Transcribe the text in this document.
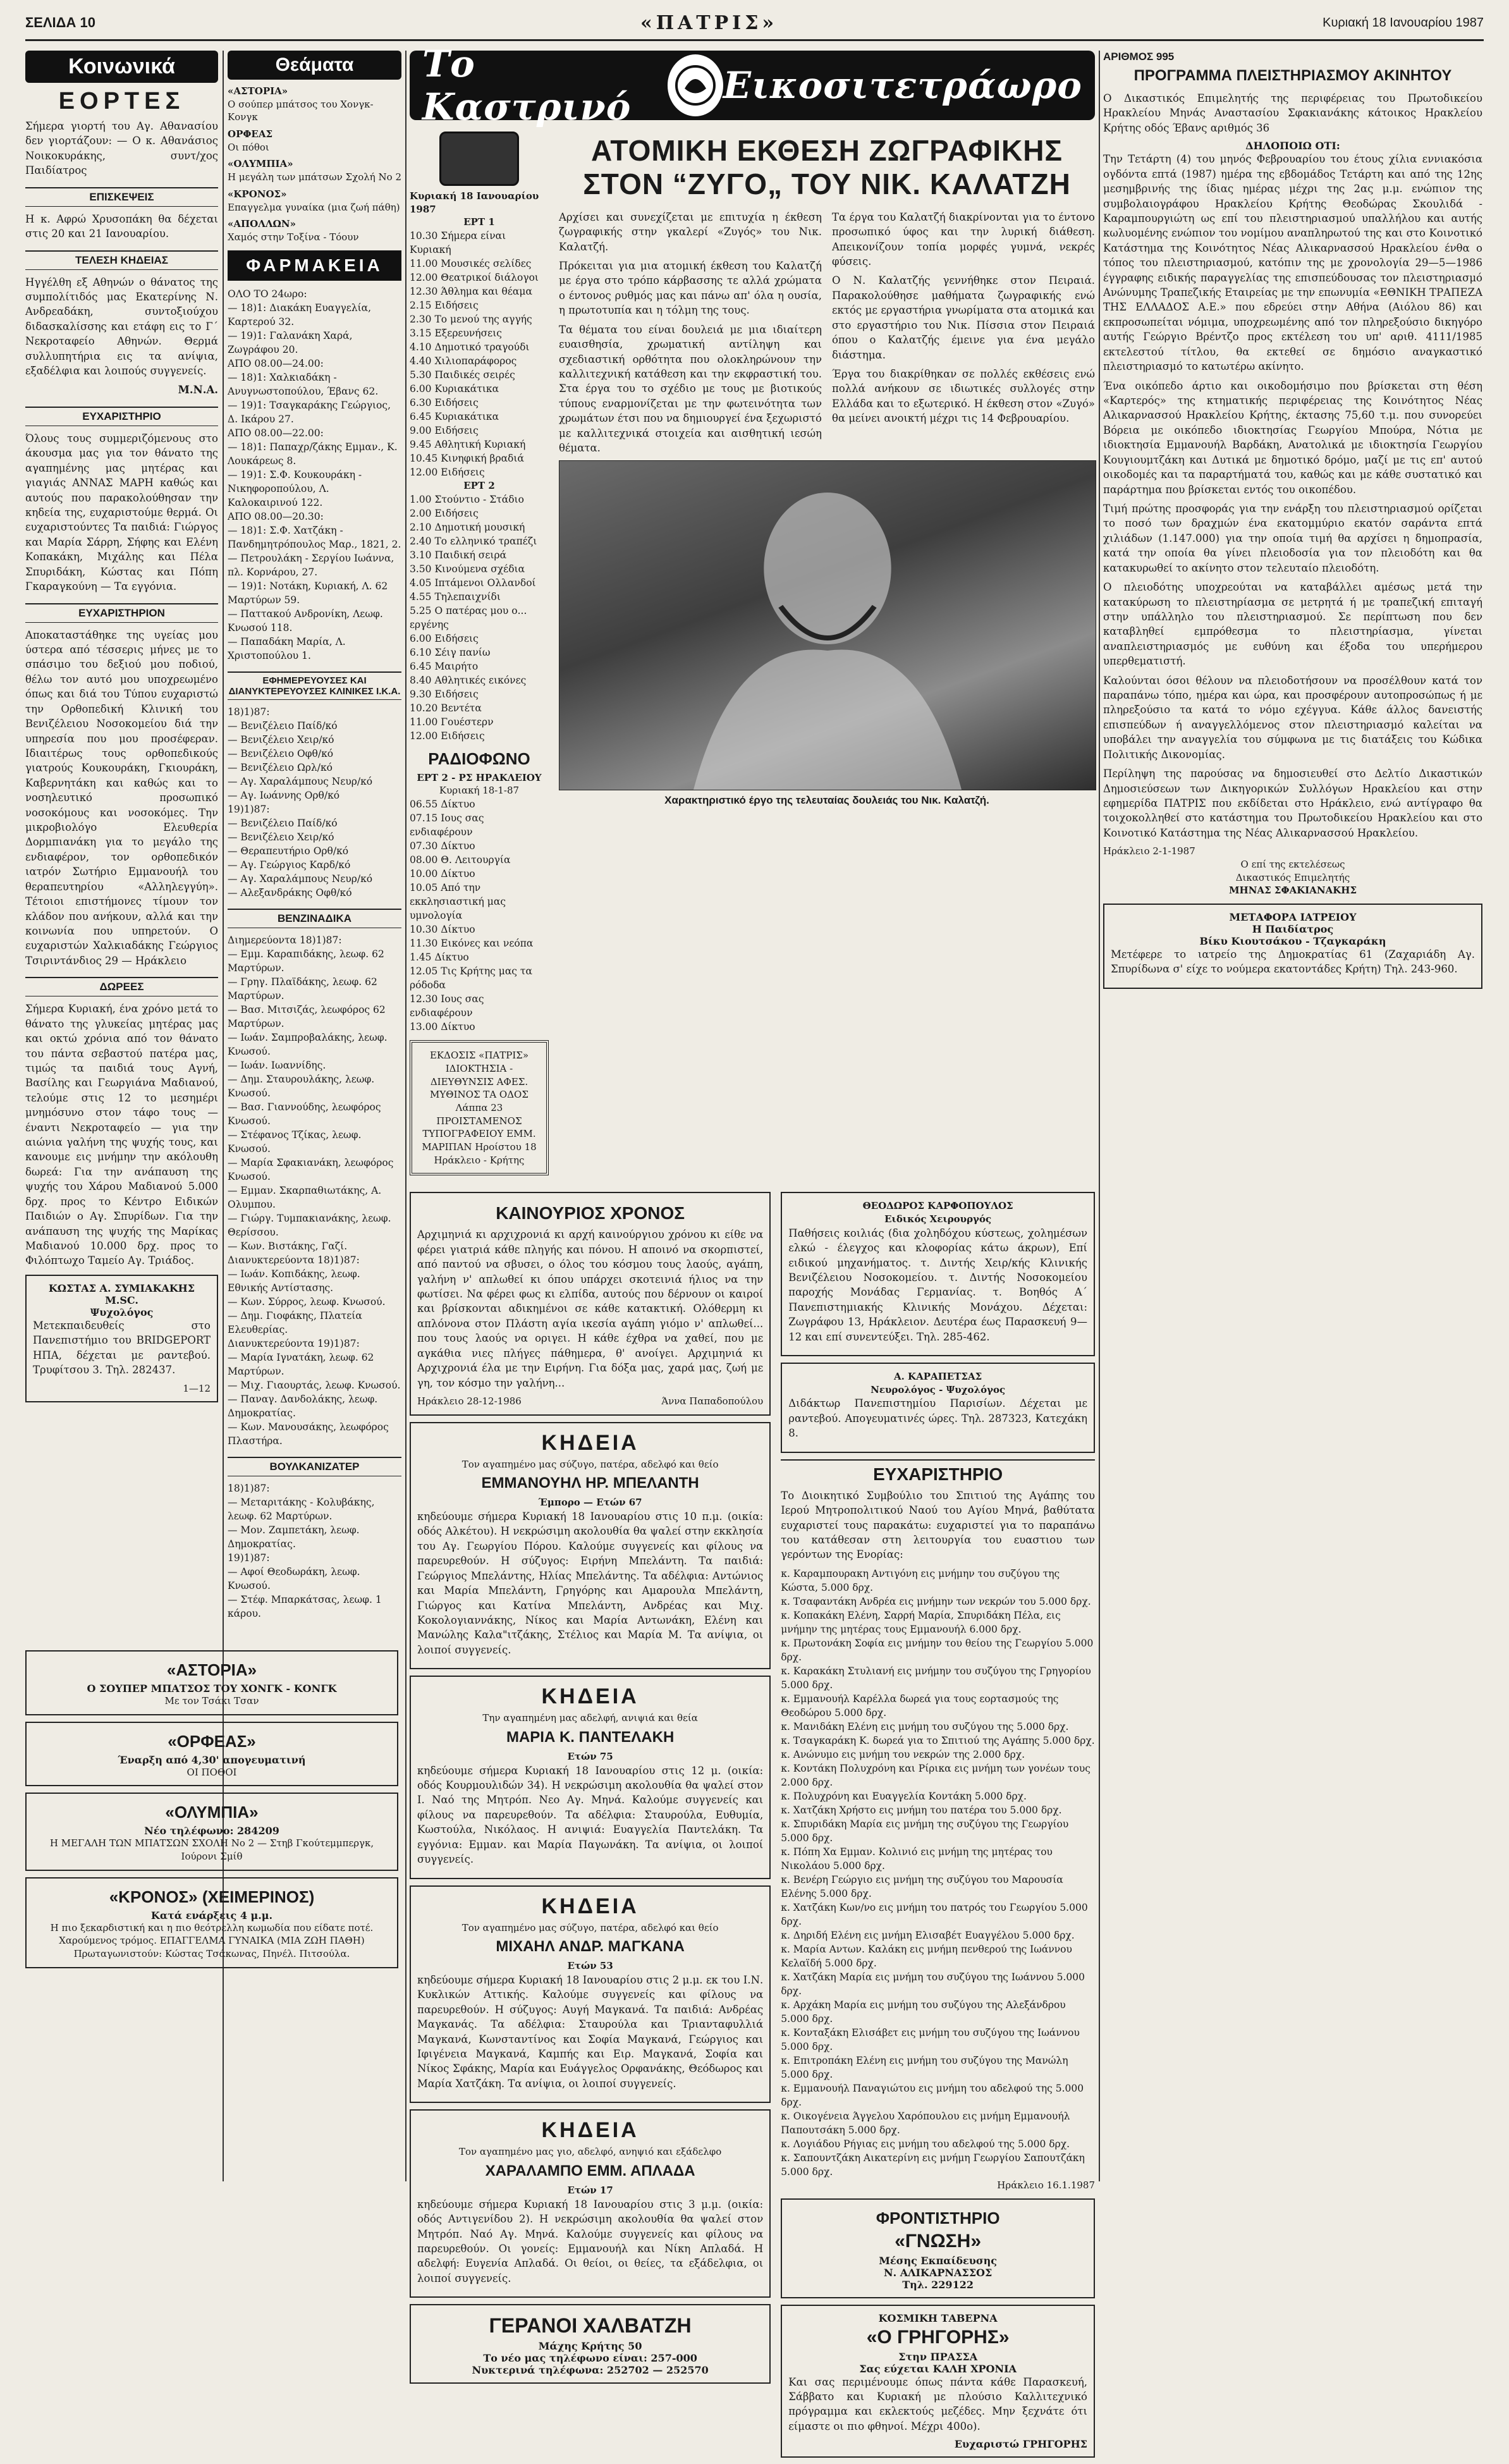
ΣΕΛΙΔΑ 10	«ΠΑΤΡΙΣ»	Κυριακή 18 Ιανουαρίου 1987
Κοινωνικά
ΕΟΡΤΕΣ

Σήμερα γιορτή του Αγ. Αθανασίου δεν γιορτάζουν: — Ο κ. Αθανάσιος Νοικοκυράκης, συντ/χος Παιδίατρος

ΕΠΙΣΚΕΨΕΙΣ

Η κ. Αφρώ Χρυσοπάκη θα δέχεται στις 20 και 21 Ιανουαρίου.

ΤΕΛΕΣΗ ΚΗΔΕΙΑΣ

Ηγγέλθη εξ Αθηνών ο θάνατος της συμπολίτιδός μας Εκατερίνης Ν. Ανδρεαδάκη, συντοξιούχου διδασκαλίσσης και ετάφη εις το Γ΄ Νεκροταφείο Αθηνών. Θερμά συλλυπητήρια εις τα ανίψια, εξαδέλφια και λοιπούς συγγενείς.

Μ.Ν.Α.

ΕΥΧΑΡΙΣΤΗΡΙΟ

Όλους τους συμμεριζόμενους στο άκουσμα μας για τον θάνατο της αγαπημένης μας μητέρας και γιαγιάς ΑΝΝΑΣ ΜΑΡΗ καθώς και αυτούς που παρακολούθησαν την κηδεία της, ευχαριστούμε θερμά. Οι ευχαριστούντες Τα παιδιά: Γιώργος και Μαρία Σάρρη, Σήφης και Ελένη Κοπακάκη, Μιχάλης και Πέλα Σπυριδάκη, Κώστας και Πόπη Γκαραγκούνη — Τα εγγόνια.

ΕΥΧΑΡΙΣΤΗΡΙΟΝ

Αποκαταστάθηκε της υγείας μου ύστερα από τέσσερις μήνες με το σπάσιμο του δεξιού μου ποδιού, θέλω τον αυτό μου υποχρεωμένο όπως και διά του Τύπου ευχαριστώ την Ορθοπεδική Κλινική του Βενιζέλειου Νοσοκομείου διά την υπηρεσία που μου προσέφεραν. Ιδιαιτέρως τους ορθοπεδικούς γιατρούς Κουκουράκη, Γκιουράκη, Καβερνητάκη και καθώς και το νοσηλευτικό προσωπικό νοσοκόμους και νοσοκόμες. Την μικροβιολόγο Ελευθερία Δορμπιανάκη για το μεγάλο της ενδιαφέρον, τον ορθοπεδικόν ιατρόν Σωτήριο Εμμανουήλ του θεραπευτηρίου «Αλληλεγγύη». Τέτοιοι επιστήμονες τίμουν τον κλάδον που ανήκουν, αλλά και την κοινωνία που υπηρετούν. Ο ευχαριστών Χαλκιαδάκης Γεώργιος Τσιριντάνδιος 29 — Ηράκλειο

ΔΩΡΕΕΣ

Σήμερα Κυριακή, ένα χρόνο μετά το θάνατο της γλυκείας μητέρας μας και οκτώ χρόνια από τον θάνατο του πάντα σεβαστού πατέρα μας, τιμώς τα παιδιά τους Αγνή, Βασίλης και Γεωργιάνα Μαδιανού, τελούμε στις 12 το μεσημέρι μνημόσυνο στον τάφο τους — έναντι Νεκροταφείο — για την αιώνια γαλήνη της ψυχής τους, και κανουμε εις μνήμην την ακόλουθη δωρεά: Για την ανάπαυση της ψυχής του Χάρου Μαδιανού 5.000 δρχ. προς το Κέντρο Ειδικών Παιδιών ο Αγ. Σπυρίδων. Για την ανάπαυση της ψυχής της Μαρίκας Μαδιανού 10.000 δρχ. προς το Φιλόπτωχο Ταμείο Αγ. Τριάδος.

ΚΩΣΤΑΣ Α. ΣΥΜΙΑΚΑΚΗΣ M.SC.
Ψυχολόγος

Μετεκπαιδευθείς στο Πανεπιστήμιο του BRIDGEPORT ΗΠΑ, δέχεται με ραντεβού. Τρυφίτσου 3. Τηλ. 282437.

1—12
Θεάματα
«ΑΣΤΟΡΙΑ»
Ο σούπερ μπάτσος του Χονγκ-Κονγκ
ΟΡΦΕΑΣ
Οι πόθοι
«ΟΛΥΜΠΙΑ»
Η μεγάλη των μπάτσων Σχολή Νο 2
«ΚΡΟΝΟΣ»
Επαγγελμα γυναίκα (μια ζωή πάθη)
«ΑΠΟΛΛΩΝ»
Χαμός στην Τοξίνα - Τόουν
ΦΑΡΜΑΚΕΙΑ
ΟΛΟ ΤΟ 24ωρο:
— 18)1: Διακάκη Ευαγγελία, Καρτερού 32.
— 19)1: Γαλανάκη Χαρά, Ζωγράφου 20.
ΑΠΟ 08.00—24.00:
— 18)1: Χαλκιαδάκη - Ανυγνωστοπούλου, Έβανς 62.
— 19)1: Τσαγκαράκης Γεώργιος, Δ. Ικάρου 27.
ΑΠΟ 08.00—22.00:
— 18)1: Παπαχρ/ζάκης Εμμαν., Κ. Λουκάρεως 8.
— 19)1: Σ.Φ. Κουκουράκη - Νικηφοροπούλου, Λ. Καλοκαιρινού 122.
ΑΠΟ 08.00—20.30:
— 18)1: Σ.Φ. Χατζάκη - Πανδημητρόπουλος Μαρ., 1821, 2.
— Πετρουλάκη - Σεργίου Ιωάννα, πλ. Κορνάρου, 27.
— 19)1: Νοτάκη, Κυριακή, Λ. 62 Μαρτύρων 59.
— Παττακού Ανδρονίκη, Λεωφ. Κνωσού 118.
— Παπαδάκη Μαρία, Λ. Χριστοπούλου 1.
ΕΦΗΜΕΡΕΥΟΥΣΕΣ ΚΑΙ ΔΙΑΝΥΚΤΕΡΕΥΟΥΣΕΣ ΚΛΙΝΙΚΕΣ Ι.Κ.Α.
18)1)87:
— Βενιζέλειο Παίδ/κό
— Βενιζέλειο Χειρ/κό
— Βενιζέλειο Οφθ/κό
— Βενιζέλειο Ωρλ/κό
— Αγ. Χαραλάμπους Νευρ/κό
— Αγ. Ιωάννης Ορθ/κό
19)1)87:
— Βενιζέλειο Παίδ/κό
— Βενιζέλειο Χειρ/κό
— Θεραπευτήριο Ορθ/κό
— Αγ. Γεώργιος Καρδ/κό
— Αγ. Χαραλάμπους Νευρ/κό
— Αλεξανδράκης Οφθ/κό
ΒΕΝΖΙΝΑΔΙΚΑ
Διημερεύοντα 18)1)87:
— Εμμ. Καραπιδάκης, λεωφ. 62 Μαρτύρων.
— Γρηγ. Πλαϊδάκης, λεωφ. 62 Μαρτύρων.
— Βασ. Μιτσιζάς, λεωφόρος 62 Μαρτύρων.
— Ιωάν. Σαμπροβαλάκης, λεωφ. Κνωσού.
— Ιωάν. Ιωαννίδης.
— Δημ. Σταυρουλάκης, λεωφ. Κνωσού.
— Βασ. Γιαννούδης, λεωφόρος Κνωσού.
— Στέφανος Τζίκας, λεωφ. Κνωσού.
— Μαρία Σφακιανάκη, λεωφόρος Κνωσού.
— Εμμαν. Σκαρπαθιωτάκης, Α. Ολυμπου.
— Γιώργ. Τυμπακιανάκης, λεωφ. Θερίσσου.
— Κων. Βιστάκης, Γαζί.
Διανυκτερεύοντα 18)1)87:
— Ιωάν. Κοπιδάκης, λεωφ. Εθνικής Αντίστασης.
— Κων. Σύρρος, λεωφ. Κνωσού.
— Δημ. Γιοφάκης, Πλατεία Ελευθερίας.
Διανυκτερεύοντα 19)1)87:
— Μαρία Ιγνατάκη, λεωφ. 62 Μαρτύρων.
— Μιχ. Γιαουρτάς, λεωφ. Κνωσού.
— Παναγ. Δανδολάκης, λεωφ. Δημοκρατίας.
— Κων. Μανουσάκης, λεωφόρος Πλαστήρα.
ΒΟΥΛΚΑΝΙΖΑΤΕΡ
18)1)87:
— Μεταριτάκης - Κολυβάκης, λεωφ. 62 Μαρτύρων.
— Μον. Ζαμπετάκη, λεωφ. Δημοκρατίας.
19)1)87:
— Αφοί Θεοδωράκη, λεωφ. Κνωσού.
— Στέφ. Μπαρκάτσας, λεωφ. 1 κάρου.
Το Καστρινό	Εικοσιτετράωρο
Κυριακή 18 Ιανουαρίου 1987
ΕΡΤ 1
10.30 Σήμερα είναι Κυριακή
11.00 Μουσικές σελίδες
12.00 Θεατρικοί διάλογοι
12.30 Άθλημα και θέαμα
2.15 Ειδήσεις
2.30 Το μενού της αγγής
3.15 Εξερευνήσεις
4.10 Δημοτικό τραγούδι
4.40 Χιλιοπαράφορος
5.30 Παιδικές σειρές
6.00 Κυριακάτικα
6.30 Ειδήσεις
6.45 Κυριακάτικα
9.00 Ειδήσεις
9.45 Αθλητική Κυριακή
10.45 Κινηφική βραδιά
12.00 Ειδήσεις
ΕΡΤ 2
1.00 Στούντιο - Στάδιο
2.00 Ειδήσεις
2.10 Δημοτική μουσική
2.40 Το ελληνικό τραπέζι
3.10 Παιδική σειρά
3.50 Κινούμενα σχέδια
4.05 Ιπτάμενοι Ολλανδοί
4.55 Τηλεπαιχνίδι
5.25 Ο πατέρας μου ο... εργένης
6.00 Ειδήσεις
6.10 Σέιγ πανίω
6.45 Μαιρήτο
8.40 Αθλητικές εικόνες
9.30 Ειδήσεις
10.20 Βεντέτα
11.00 Γουέστερν
12.00 Ειδήσεις
ΡΑΔΙΟΦΩΝΟ
ΕΡΤ 2 - ΡΣ ΗΡΑΚΛΕΙΟΥ
Κυριακή 18-1-87
06.55 Δίκτυο
07.15 Ιους σας ενδιαφέρουν
07.30 Δίκτυο
08.00 Θ. Λειτουργία
10.00 Δίκτυο
10.05 Από την εκκλησιαστική μας υμνολογία
10.30 Δίκτυο
11.30 Εικόνες και νεόπα
1.45 Δίκτυο
12.05 Τις Κρήτης μας τα ρόδοδα
12.30 Ιους σας ενδιαφέρουν
13.00 Δίκτυο
ΕΚΔΟΣΙΣ «ΠΑΤΡΙΣ» ΙΔΙΟΚΤΗΣΙΑ - ΔΙΕΥΘΥΝΣΙΣ ΑΦΕΣ. ΜΥΘΙΝΟΣ ΤΑ ΟΔΟΣ Λάππα 23 ΠΡΟΙΣΤΑΜΕΝΟΣ ΤΥΠΟΓΡΑΦΕΙΟΥ ΕΜΜ. ΜΑΡΙΠΑΝ Ηροίστου 18 Ηράκλειο - Κρήτης
ΑΤΟΜΙΚΗ ΕΚΘΕΣΗ ΖΩΓΡΑΦΙΚΗΣ
ΣΤΟΝ “ΖΥΓΟ„ ΤΟΥ ΝΙΚ. ΚΑΛΑΤΖΗ

Αρχίσει και συνεχίζεται με επιτυχία η έκθεση ζωγραφικής στην γκαλερί «Ζυγός» του Νικ. Καλατζή.

Πρόκειται για μια ατομική έκθεση του Καλατζή με έργα στο τρόπο κάρβασσης τε αλλά χρώματα ο έντονος ρυθμός μας και πάνω απ' όλα η ουσία, η πρωτοτυπία και η τόλμη της τους.

Τα θέματα του είναι δουλειά με μια ιδιαίτερη ευαισθησία, χρωματική αντίληψη και σχεδιαστική ορθότητα που ολοκληρώνουν την καλλιτεχνική κατάθεση και την εκφραστική του. Στα έργα του το σχέδιο με τους με βιοτικούς τύπους εναρμονίζεται με την φωτεινότητα των χρωμάτων έτσι που να δημιουργεί ένα ξεχωριστό με καλλιτεχνικά στοιχεία και αισθητική ιεσώη θέματα.

Τα έργα του Καλατζή διακρίνονται για το έντονο προσωπικό ύφος και την λυρική διάθεση. Απεικονίζουν τοπία μορφές γυμνά, νεκρές φύσεις.

Ο Ν. Καλατζής γεννήθηκε στον Πειραιά. Παρακολούθησε μαθήματα ζωγραφικής ενώ εκτός με εργαστήρια γνωρίματα στα ατομικά και στο εργαστήριο του Νικ. Πίσσια στον Πειραιά όπου ο Καλατζής έμεινε για ένα μεγάλο διάστημα.

Έργα του διακρίθηκαν σε πολλές εκθέσεις ενώ πολλά ανήκουν σε ιδιωτικές συλλογές στην Ελλάδα και το εξωτερικό. Η έκθεση στον «Ζυγό» θα μείνει ανοικτή μέχρι τις 14 Φεβρουαρίου.

Χαρακτηριστικό έργο της τελευταίας δουλειάς του Νικ. Καλατζή.
ΚΑΙΝΟΥΡΙΟΣ ΧΡΟΝΟΣ

Αρχιμηνιά κι αρχιχρονιά κι αρχή καινούργιου χρόνου κι είθε να φέρει γιατριά κάθε πληγής και πόνου. Η αποινό να σκορπιστεί, από παντού να σβυσει, ο όλος του κόσμου τους λαούς, αγάπη, γαλήνη ν' απλωθεί κι όπου υπάρχει σκοτεινιά ήλιος να την φωτίσει. Να φέρει φως κι ελπίδα, αυτούς που δέρνουν οι καιροί και βρίσκονται αδικημένοι σε κάθε κατακτική. Ολόθερμη κι απλόνονα στον Πλάστη αγία ικεσία αγάπη γιόμο ν' απλωθεί... που τους λαούς να οριγει. Η κάθε έχθρα να χαθεί, που με αγκάθια νιες πλήγες πάθημερα, θ' ανοίγει. Αρχιμηνιά κι Αρχιχρονιά έλα με την Ειρήνη. Για δόξα μας, χαρά μας, ζωή με γη, τον κόσμο την γαλήνη...

Ηράκλειο 28-12-1986	Άννα Παπαδοπούλου
ΚΗΔΕΙΑ
Τον αγαπημένο μας σύζυγο, πατέρα, αδελφό και θείο
ΕΜΜΑΝΟΥΗΛ ΗΡ. ΜΠΕΛΑΝΤΗ
Έμπορο — Ετών 67

κηδεύουμε σήμερα Κυριακή 18 Ιανουαρίου στις 10 π.μ. (οικία: οδός Αλκέτου). Η νεκρώσιμη ακολουθία θα ψαλεί στην εκκλησία του Αγ. Γεωργίου Πόρου. Καλούμε συγγενείς και φίλους να παρευρεθούν. Η σύζυγος: Ειρήνη Μπελάντη. Τα παιδιά: Γεώργιος Μπελάντης, Ηλίας Μπελάντης. Τα αδέλφια: Αντώνιος και Μαρία Μπελάντη, Γρηγόρης και Αμαρουλα Μπελάντη, Γιώργος και Κατίνα Μπελάντη, Ανδρέας και Μιχ. Κοκολογιαννάκης, Νίκος και Μαρία Αντωνάκη, Ελένη και Μανώλης Καλα"ιτζάκης, Στέλιος και Μαρία Μ. Τα ανίψια, οι λοιποί συγγενείς.

ΚΗΔΕΙΑ
Την αγαπημένη μας αδελφή, ανιψιά και θεία
ΜΑΡΙΑ Κ. ΠΑΝΤΕΛΑΚΗ
Ετών 75

κηδεύουμε σήμερα Κυριακή 18 Ιανουαρίου στις 12 μ. (οικία: οδός Κουρμουλιδών 34). Η νεκρώσιμη ακολουθία θα ψαλεί στον Ι. Ναό της Μητρόπ. Νεο Αγ. Μηνά. Καλούμε συγγενείς και φίλους να παρευρεθούν. Τα αδέλφια: Σταυρούλα, Ευθυμία, Κωστούλα, Νικόλαος. Η ανιψιά: Ευαγγελία Παντελάκη. Τα εγγόνια: Εμμαν. και Μαρία Παγωνάκη. Τα ανίψια, οι λοιποί συγγενείς.

ΚΗΔΕΙΑ
Τον αγαπημένο μας σύζυγο, πατέρα, αδελφό και θείο
ΜΙΧΑΗΛ ΑΝΔΡ. ΜΑΓΚΑΝΑ
Ετών 53

κηδεύουμε σήμερα Κυριακή 18 Ιανουαρίου στις 2 μ.μ. εκ του Ι.Ν. Κυκλικών Αττικής. Καλούμε συγγενείς και φίλους να παρευρεθούν. Η σύζυγος: Αυγή Μαγκανά. Τα παιδιά: Ανδρέας Μαγκανάς. Τα αδέλφια: Σταυρούλα και Τριανταφυλλιά Μαγκανά, Κωνσταντίνος και Σοφία Μαγκανά, Γεώργιος και Ιφιγένεια Μαγκανά, Καμπής και Ειρ. Μαγκανά, Σοφία και Νίκος Σφάκης, Μαρία και Ευάγγελος Ορφανάκης, Θεόδωρος και Μαρία Χατζάκη. Τα ανίψια, οι λοιποί συγγενείς.

ΚΗΔΕΙΑ
Τον αγαπημένο μας γιο, αδελφό, ανηψιό και εξάδελφο
ΧΑΡΑΛΑΜΠΟ ΕΜΜ. ΑΠΛΑΔΑ
Ετών 17

κηδεύουμε σήμερα Κυριακή 18 Ιανουαρίου στις 3 μ.μ. (οικία: οδός Αντιγενίδου 2). Η νεκρώσιμη ακολουθία θα ψαλεί στον Μητρόπ. Ναό Αγ. Μηνά. Καλούμε συγγενείς και φίλους να παρευρεθούν. Οι γονείς: Εμμανουήλ και Νίκη Απλαδά. Η αδελφή: Ευγενία Απλαδά. Οι θείοι, οι θείες, τα εξάδελφια, οι λοιποί συγγενείς.

ΓΕΡΑΝΟΙ ΧΑΛΒΑΤΖΗ
Μάχης Κρήτης 50
Το νέο μας τηλέφωνο είναι: 257-000
Νυκτερινά τηλέφωνα: 252702 — 252570
ΘΕΟΔΩΡΟΣ ΚΑΡΦΟΠΟΥΛΟΣ
Ειδικός Χειρουργός

Παθήσεις κοιλιάς (δια χοληδόχου κύστεως, χολημέσων ελκώ - έλεγχος και κλοφορίας κάτω άκρων), Επί ειδικού μηχανήματος. τ. Διντής Χειρ/κής Κλινικής Βενιζέλειου Νοσοκομείου. τ. Διντής Νοσοκομείου παροχής Μονάδας Γερμανίας. τ. Βοηθός Α΄ Πανεπιστημιακής Κλινικής Μονάχου. Δέχεται: Ζωγράφου 13, Ηράκλειον. Δευτέρα έως Παρασκευή 9—12 και επί συνεντεύξει. Τηλ. 285-462.

Α. ΚΑΡΑΠΕΤΣΑΣ
Νευρολόγος - Ψυχολόγος

Διδάκτωρ Πανεπιστημίου Παρισίων. Δέχεται με ραντεβού. Απογευματινές ώρες. Τηλ. 287323, Κατεχάκη 8.

ΕΥΧΑΡΙΣΤΗΡΙΟ

Το Διοικητικό Συμβούλιο του Σπιτιού της Αγάπης του Ιερού Μητροπολιτικού Ναού του Αγίου Μηνά, βαθύτατα ευχαριστεί τους παρακάτω: ευχαριστεί για το παραπάνω του κατάθεσαν στη λειτουργία του ευαστιου των γερόντων της Ενορίας:

κ. Καραμπουρακη Αντιγόνη εις μνήμην του συζύγου της Κώστα, 5.000 δρχ.
κ. Τσαφαντάκη Ανδρέα εις μνήμην των νεκρών του 5.000 δρχ.
κ. Κοπακάκη Ελένη, Σαρρή Μαρία, Σπυριδάκη Πέλα, εις μνήμην της μητέρας τους Εμμανουήλ 6.000 δρχ.
κ. Πρωτονάκη Σοφία εις μνήμην του θείου της Γεωργίου 5.000 δρχ.
κ. Καρακάκη Στυλιανή εις μνήμην του συζύγου της Γρηγορίου 5.000 δρχ.
κ. Εμμανουήλ Καρέλλα δωρεά για τους εορτασμούς της Θεοδώρου 5.000 δρχ.
κ. Μανιδάκη Ελένη εις μνήμη του συζύγου της 5.000 δρχ.
κ. Τσαγκαράκη Κ. δωρεά για το Σπιτιού της Αγάπης 5.000 δρχ.
κ. Ανώνυμο εις μνήμη του νεκρών της 2.000 δρχ.
κ. Κοντάκη Πολυχρόνη και Ρίρικα εις μνήμη των γονέων τους 2.000 δρχ.
κ. Πολυχρόνη και Ευαγγελία Κοντάκη 5.000 δρχ.
κ. Χατζάκη Χρήστο εις μνήμη του πατέρα του 5.000 δρχ.
κ. Σπυριδάκη Μαρία εις μνήμη της συζύγου της Γεωργίου 5.000 δρχ.
κ. Πόπη Χα Εμμαν. Κολινιό εις μνήμη της μητέρας του Νικολάου 5.000 δρχ.
κ. Βενέρη Γεώργιο εις μνήμη της συζύγου του Μαρουσία Ελένης 5.000 δρχ.
κ. Χατζάκη Κων/νο εις μνήμη του πατρός του Γεωργίου 5.000 δρχ.
κ. Δηριδή Ελένη εις μνήμη Ελισαβέτ Ευαγγέλου 5.000 δρχ.
κ. Μαρία Αντων. Καλάκη εις μνήμη πενθερού της Ιωάννου Κελαϊδή 5.000 δρχ.
κ. Χατζάκη Μαρία εις μνήμη του συζύγου της Ιωάννου 5.000 δρχ.
κ. Αρχάκη Μαρία εις μνήμη του συζύγου της Αλεξάνδρου 5.000 δρχ.
κ. Κονταξάκη Ελισάβετ εις μνήμη του συζύγου της Ιωάννου 5.000 δρχ.
κ. Επιτροπάκη Ελένη εις μνήμη του συζύγου της Μανώλη 5.000 δρχ.
κ. Εμμανουήλ Παναγιώτου εις μνήμη του αδελφού της 5.000 δρχ.
κ. Οικογένεια Άγγελου Χαρόπουλου εις μνήμη Εμμανουήλ Παπουτσάκη 5.000 δρχ.
κ. Λογιάδου Ρήγιας εις μνήμη του αδελφού της 5.000 δρχ.
κ. Σαπουντζάκη Αικατερίνη εις μνήμη Γεωργίου Σαπουτζάκη 5.000 δρχ.
Ηράκλειο 16.1.1987
ΦΡΟΝΤΙΣΤΗΡΙΟ
«ΓΝΩΣΗ»
Μέσης Εκπαίδευσης
Ν. ΑΛΙΚΑΡΝΑΣΣΟΣ
Τηλ. 229122
ΚΟΣΜΙΚΗ ΤΑΒΕΡΝΑ
«Ο ΓΡΗΓΟΡΗΣ»
Στην ΠΡΑΣΣΑ
Σας εύχεται ΚΑΛΗ ΧΡΟΝΙΑ

Και σας περιμένουμε όπως πάντα κάθε Παρασκευή, Σάββατο και Κυριακή με πλούσιο Καλλιτεχνικό πρόγραμμα και εκλεκτούς μεζέδες. Μην ξεχνάτε ότι είμαστε οι πιο φθηνοί. Μέχρι 400ο).

Ευχαριστώ ΓΡΗΓΟΡΗΣ
ΑΡΙΘΜΟΣ 995
ΠΡΟΓΡΑΜΜΑ ΠΛΕΙΣΤΗΡΙΑΣΜΟΥ ΑΚΙΝΗΤΟΥ

Ο Δικαστικός Επιμελητής της περιφέρειας του Πρωτοδικείου Ηρακλείου Μηνάς Αναστασίου Σφακιανάκης κάτοικος Ηρακλείου Κρήτης οδός Έβανς αριθμός 36

ΔΗΛΟΠΟΙΩ ΟΤΙ:

Την Τετάρτη (4) του μηνός Φεβρουαρίου του έτους χίλια εννιακόσια ογδόντα επτά (1987) ημέρα της εβδομάδος Τετάρτη και από της 12ης μεσημβρινής της ίδιας ημέρας μέχρι της 2ας μ.μ. ενώπιον της συμβολαιογράφου Ηρακλείου Κρήτης Θεοδώρας Σκουλιδά - Καραμπουργιώτη ως επί του πλειστηριασμού υπαλλήλου και αυτής κωλυομένης ενώπιον του νομίμου αναπληρωτού της και στο Κοινοτικό Κατάστημα της Κοινότητος Νέας Αλικαρνασσού Ηρακλείου ένθα ο τόπος του πλειστηριασμού, κατόπιν της με χρονολογία 29—5—1986 έγγραφης ειδικής παραγγελίας της επισπεύδουσας τον πλειστηριασμό Ανώνυμης Τραπεζικής Εταιρείας με την επωνυμία «ΕΘΝΙΚΗ ΤΡΑΠΕΖΑ ΤΗΣ ΕΛΛΑΔΟΣ Α.Ε.» που εδρεύει στην Αθήνα (Αιόλου 86) και εκπροσωπείται νόμιμα, υποχρεωμένης από τον πληρεξούσιο δικηγόρο αυτής Γεώργιο Βρέντζο προς εκτέλεση του υπ' αριθ. 4111/1985 εκτελεστού τίτλου, θα εκτεθεί σε δημόσιο αναγκαστικό πλειστηριασμό το κατωτέρω ακίνητο.

Ένα οικόπεδο άρτιο και οικοδομήσιμο που βρίσκεται στη θέση «Καρτερός» της κτηματικής περιφέρειας της Κοινότητος Νέας Αλικαρνασσού Ηρακλείου Κρήτης, έκτασης 75,60 τ.μ. που συνορεύει Βόρεια με οικόπεδο ιδιοκτησίας Γεωργίου Μπούρα, Νότια με ιδιοκτησία Εμμανουήλ Βαρδάκη, Ανατολικά με ιδιοκτησία Γεωργίου Κουγιουμτζάκη και Δυτικά με δημοτικό δρόμο, μαζί με τις επ' αυτού οικοδομές και τα παραρτήματά του, καθώς και με κάθε συστατικό και παράρτημα που βρίσκεται εντός του οικοπέδου.

Τιμή πρώτης προσφοράς για την ενάρξη του πλειστηριασμού ορίζεται το ποσό των δραχμών ένα εκατομμύριο εκατόν σαράντα επτά χιλιάδων (1.147.000) για την οποία τιμή θα αρχίσει η δημοπρασία, κατά την οποία θα γίνει πλειοδοσία για τον πλειοδότη και θα κατακυρωθεί το ακίνητο στον τελευταίο πλειοδότη.

Ο πλειοδότης υποχρεούται να καταβάλλει αμέσως μετά την κατακύρωση το πλειστηρίασμα σε μετρητά ή με τραπεζική επιταγή στην υπάλληλο του πλειστηριασμού. Σε περίπτωση που δεν καταβληθεί εμπρόθεσμα το πλειστηρίασμα, γίνεται αναπλειστηριασμός με ευθύνη και έξοδα του υπερήμερου υπερθεματιστή.

Καλούνται όσοι θέλουν να πλειοδοτήσουν να προσέλθουν κατά τον παραπάνω τόπο, ημέρα και ώρα, και προσφέρουν αυτοπροσώπως ή με πληρεξούσιο τα κατά το νόμο εχέγγυα. Κάθε άλλος δανειστής επισπεύδων ή αναγγελλόμενος στον πλειστηριασμό καλείται να υποβάλει την αναγγελία του σύμφωνα με τις διατάξεις του Κώδικα Πολιτικής Δικονομίας.

Περίληψη της παρούσας να δημοσιευθεί στο Δελτίο Δικαστικών Δημοσιεύσεων των Δικηγορικών Συλλόγων Ηρακλείου και στην εφημερίδα ΠΑΤΡΙΣ που εκδίδεται στο Ηράκλειο, ενώ αντίγραφο θα τοιχοκολληθεί στο κατάστημα του Πρωτοδικείου Ηρακλείου και στο Κοινοτικό Κατάστημα της Νέας Αλικαρνασσού Ηρακλείου.

Ηράκλειο 2-1-1987
Ο επί της εκτελέσεως
Δικαστικός Επιμελητής
ΜΗΝΑΣ ΣΦΑΚΙΑΝΑΚΗΣ
ΜΕΤΑΦΟΡΑ ΙΑΤΡΕΙΟΥ
Η Παιδίατρος
Βίκυ Κιουτσάκου - Τζαγκαράκη

Μετέφερε το ιατρείο της Δημοκρατίας 61 (Ζαχαριάδη Αγ. Σπυρίδωνα σ' είχε το νούμερα εκατοντάδες Κρήτη) Τηλ. 243-960.

«ΑΣΤΟΡΙΑ»
Ο ΣΟΥΠΕΡ ΜΠΑΤΣΟΣ ΤΟΥ ΧΟΝΓΚ - ΚΟΝΓΚ
Με τον Τσάκι Τσαν
«ΟΡΦΕΑΣ»
Έναρξη από 4,30' απογευματινή
ΟΙ ΠΟΘΟΙ
«ΟΛΥΜΠΙΑ»
Νέο τηλέφωνο: 284209
Η ΜΕΓΑΛΗ ΤΩΝ ΜΠΑΤΣΩΝ ΣΧΟΛΗ Νο 2 — Στηβ Γκούτεμμπεργκ, Ιούρονι Σμίθ
«ΚΡΟΝΟΣ» (ΧΕΙΜΕΡΙΝΟΣ)
Κατά ενάρξεις 4 μ.μ.
Η πιο ξεκαρδιστική και η πιο θεότρελλη κωμωδία που είδατε ποτέ. Χαρούμενος τρόμος. ΕΠΑΓΓΕΛΜΑ ΓΥΝΑΙΚΑ (ΜΙΑ ΖΩΗ ΠΑΘΗ) Πρωταγωνιστούν: Κώστας Τσάκωνας, Πηνέλ. Πιτσούλα.
